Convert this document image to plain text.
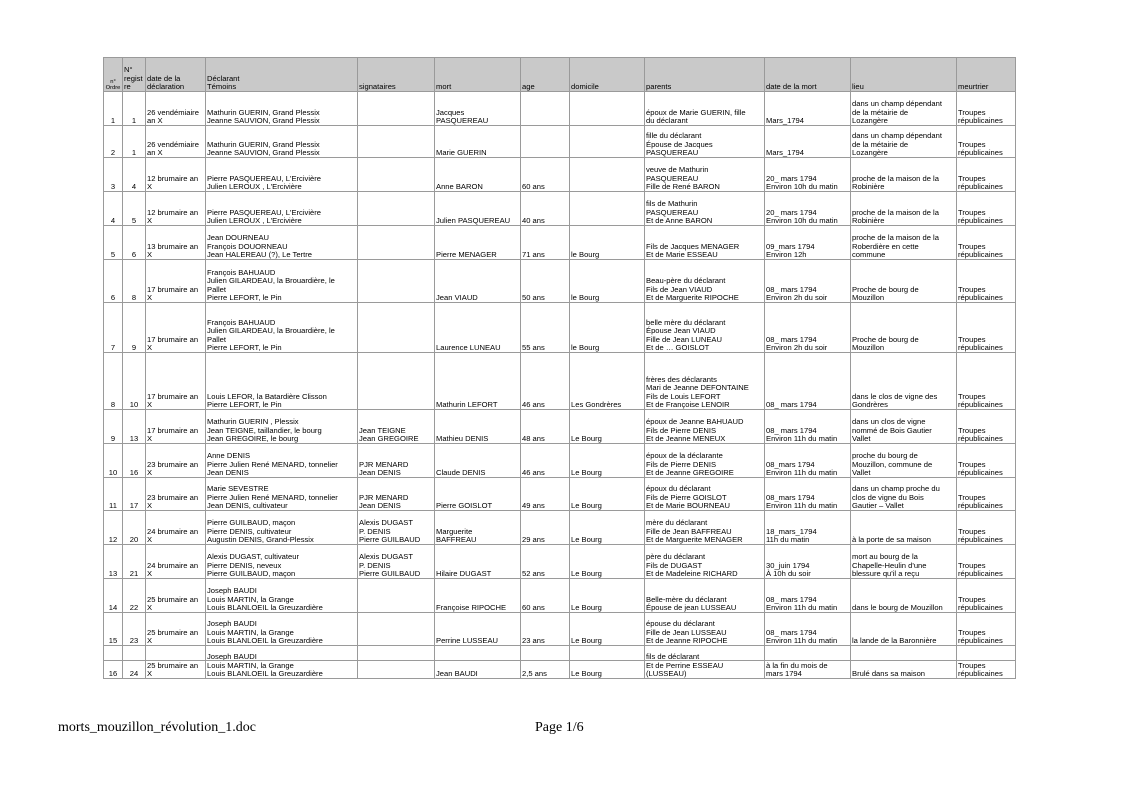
n°
Ordre	N°
regist
re	date de la
déclaration	Déclarant
Témoins	signataires	mort	age	domicile	parents	date de la mort	lieu	meurtrier
1	1	26 vendémiaire
an X	Mathurin GUERIN, Grand Plessix
Jeanne SAUVION, Grand Plessix		Jacques
PASQUEREAU			époux de Marie GUERIN, fille
du déclarant	Mars_1794	dans un champ dépendant
de la métairie de
Lozangère	Troupes
républicaines
2	1	26 vendémiaire
an X	Mathurin GUERIN, Grand Plessix
Jeanne SAUVION, Grand Plessix		Marie GUERIN			fille du déclarant
Épouse de Jacques
PASQUEREAU	Mars_1794	dans un champ dépendant
de la métairie de
Lozangère	Troupes
républicaines
3	4	12 brumaire an
X	Pierre PASQUEREAU, L'Ercivière
Julien LEROUX , L'Ercivière		Anne BARON	60 ans		veuve de Mathurin
PASQUEREAU
Fille de René BARON	20_ mars 1794
Environ 10h du matin	proche de la maison de la
Robinière	Troupes
républicaines
4	5	12 brumaire an
X	Pierre PASQUEREAU, L'Ercivière
Julien LEROUX , L'Ercivière		Julien PASQUEREAU	40 ans		fils de Mathurin
PASQUEREAU
Et de Anne BARON	20_ mars 1794
Environ 10h du matin	proche de la maison de la
Robinière	Troupes
républicaines
5	6	13 brumaire an
X	Jean DOURNEAU
François DOUORNEAU
Jean HALEREAU (?), Le Tertre		Pierre MENAGER	71 ans	le Bourg	Fils de Jacques MENAGER
Et de Marie ESSEAU	09_mars 1794
Environ 12h	proche de la maison de la
Roberdière en cette
commune	Troupes
républicaines
6	8	17 brumaire an
X	François BAHUAUD
Julien GILARDEAU, la Brouardière, le
Pallet
Pierre LEFORT, le Pin		Jean VIAUD	50 ans	le Bourg	Beau-père du déclarant
Fils de Jean VIAUD
Et de Marguerite RIPOCHE	08_ mars 1794
Environ 2h du soir	Proche de bourg de
Mouzillon	Troupes
républicaines
7	9	17 brumaire an
X	François BAHUAUD
Julien GILARDEAU, la Brouardière, le
Pallet
Pierre LEFORT, le Pin		Laurence LUNEAU	55 ans	le Bourg	belle mère du déclarant
Épouse Jean VIAUD
Fille de Jean LUNEAU
Et de … GOISLOT	08_ mars 1794
Environ 2h du soir	Proche de bourg de
Mouzillon	Troupes
républicaines
8	10	17 brumaire an
X	Louis LEFOR, la Batardière Clisson
Pierre LEFORT, le Pin		Mathurin LEFORT	46 ans	Les Gondrères	frères des déclarants
Mari de Jeanne DEFONTAINE
Fils de Louis LEFORT
Et de Françoise LENOIR	08_ mars 1794	dans le clos de vigne des
Gondrères	Troupes
républicaines
9	13	17 brumaire an
X	Mathurin GUERIN , Plessix
Jean TEIGNE, taillandier, le bourg
Jean GREGOIRE, le bourg	Jean TEIGNE
Jean GREGOIRE	Mathieu DENIS	48 ans	Le Bourg	époux de Jeanne BAHUAUD
Fils de Pierre DENIS
Et de Jeanne MENEUX	08_ mars 1794
Environ 11h du matin	dans un clos de vigne
nommé de Bois Gautier
Vallet	Troupes
républicaines
10	16	23 brumaire an
X	Anne DENIS
Pierre Julien René MENARD, tonnelier
Jean DENIS	PJR MENARD
Jean DENIS	Claude DENIS	46 ans	Le Bourg	époux de la déclarante
Fils de Pierre DENIS
Et de Jeanne GREGOIRE	08_mars 1794
Environ 11h du matin	proche du bourg de
Mouzillon, commune de
Vallet	Troupes
républicaines
11	17	23 brumaire an
X	Marie SEVESTRE
Pierre Julien René MENARD, tonnelier
Jean DENIS, cultivateur	PJR MENARD
Jean DENIS	Pierre GOISLOT	49 ans	Le Bourg	époux du déclarant
Fils de Pierre GOISLOT
Et de Marie BOURNEAU	08_mars 1794
Environ 11h du matin	dans un champ proche du
clos de vigne du Bois
Gautier – Vallet	Troupes
républicaines
12	20	24 brumaire an
X	Pierre GUILBAUD, maçon
Pierre DENIS, cultivateur
Augustin DENIS, Grand-Plessix	Alexis DUGAST
P. DENIS
Pierre GUILBAUD	Marguerite
BAFFREAU	29 ans	Le Bourg	mère du déclarant
Fille de Jean BAFFREAU
Et de Marguerite MENAGER	18_mars_1794
11h du matin	à la porte de sa maison	Troupes
républicaines
13	21	24 brumaire an
X	Alexis DUGAST, cultivateur
Pierre DENIS, neveux
Pierre GUILBAUD, maçon	Alexis DUGAST
P. DENIS
Pierre GUILBAUD	Hilaire DUGAST	52 ans	Le Bourg	père du déclarant
Fils de DUGAST
Et de Madeleine RICHARD	30_juin 1794
À 10h du soir	mort au bourg de la
Chapelle-Heulin d'une
blessure qu'il a reçu	Troupes
républicaines
14	22	25 brumaire an
X	Joseph BAUDI
Louis MARTIN, la Grange
Louis BLANLOEIL la Greuzardière		Françoise RIPOCHE	60 ans	Le Bourg	Belle-mère du déclarant
Épouse de jean LUSSEAU	08_ mars 1794
Environ 11h du matin	dans le bourg de Mouzillon	Troupes
républicaines
15	23	25 brumaire an
X	Joseph BAUDI
Louis MARTIN, la Grange
Louis BLANLOEIL la Greuzardière		Perrine LUSSEAU	23 ans	Le Bourg	épouse du déclarant
Fille de Jean LUSSEAU
Et de Jeanne RIPOCHE	08_ mars 1794
Environ 11h du matin	la lande de la Baronnière	Troupes
républicaines
16	24	25 brumaire an
X	Joseph BAUDI
Louis MARTIN, la Grange
Louis BLANLOEIL la Greuzardière		Jean BAUDI	2,5 ans	Le Bourg	fils de déclarant
Et de Perrine ESSEAU
(LUSSEAU)	à la fin du mois de
mars 1794	Brulé dans sa maison	Troupes
républicaines
morts_mouzillon_révolution_1.doc	Page 1/6
